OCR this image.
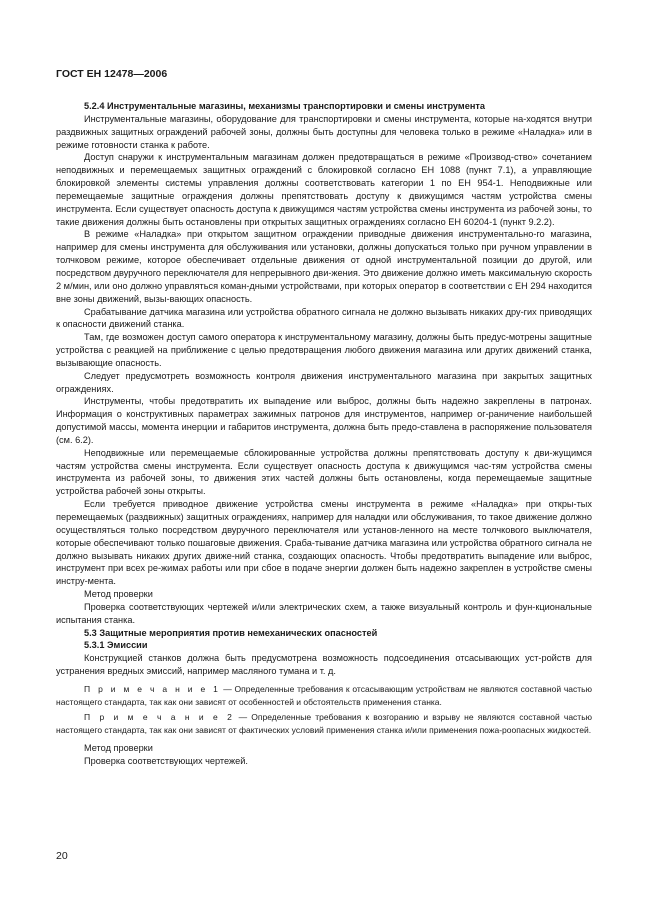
ГОСТ ЕН 12478—2006

5.2.4 Инструментальные магазины, механизмы транспортировки и смены инструмента

Инструментальные магазины, оборудование для транспортировки и смены инструмента, которые на-ходятся внутри раздвижных защитных ограждений рабочей зоны, должны быть доступны для человека только в режиме «Наладка» или в режиме готовности станка к работе.

Доступ снаружи к инструментальным магазинам должен предотвращаться в режиме «Производ-ство» сочетанием неподвижных и перемещаемых защитных ограждений с блокировкой согласно ЕН 1088 (пункт 7.1), а управляющие блокировкой элементы системы управления должны соответствовать категории 1 по ЕН 954-1. Неподвижные или перемещаемые защитные ограждения должны препятствовать доступу к движущимся частям устройства смены инструмента. Если существует опасность доступа к движущимся частям устройства смены инструмента из рабочей зоны, то такие движения должны быть остановлены при открытых защитных ограждениях согласно ЕН 60204-1 (пункт 9.2.2).

В режиме «Наладка» при открытом защитном ограждении приводные движения инструментально-го магазина, например для смены инструмента для обслуживания или установки, должны допускаться только при ручном управлении в толчковом режиме, которое обеспечивает отдельные движения от одной инструментальной позиции до другой, или посредством двуручного переключателя для непрерывного дви-жения. Это движение должно иметь максимальную скорость 2 м/мин, или оно должно управляться коман-дными устройствами, при которых оператор в соответствии с ЕН 294 находится вне зоны движений, вызы-вающих опасность.

Срабатывание датчика магазина или устройства обратного сигнала не должно вызывать никаких дру-гих приводящих к опасности движений станка.

Там, где возможен доступ самого оператора к инструментальному магазину, должны быть предус-мотрены защитные устройства с реакцией на приближение с целью предотвращения любого движения магазина или других движений станка, вызывающие опасность.

Следует предусмотреть возможность контроля движения инструментального магазина при закрытых защитных ограждениях.

Инструменты, чтобы предотвратить их выпадение или выброс, должны быть надежно закреплены в патронах. Информация о конструктивных параметрах зажимных патронов для инструментов, например ог-раничение наибольшей допустимой массы, момента инерции и габаритов инструмента, должна быть предо-ставлена в распоряжение пользователя (см. 6.2).

Неподвижные или перемещаемые сблокированные устройства должны препятствовать доступу к дви-жущимся частям устройства смены инструмента. Если существует опасность доступа к движущимся час-тям устройства смены инструмента из рабочей зоны, то движения этих частей должны быть остановлены, когда перемещаемые защитные устройства рабочей зоны открыты.

Если требуется приводное движение устройства смены инструмента в режиме «Наладка» при откры-тых перемещаемых (раздвижных) защитных ограждениях, например для наладки или обслуживания, то такое движение должно осуществляться только посредством двуручного переключателя или установ-ленного на месте толчкового выключателя, которые обеспечивают только пошаговые движения. Сраба-тывание датчика магазина или устройства обратного сигнала не должно вызывать никаких других движе-ний станка, создающих опасность. Чтобы предотвратить выпадение или выброс, инструмент при всех ре-жимах работы или при сбое в подаче энергии должен быть надежно закреплен в устройстве смены инстру-мента.

Метод проверки

Проверка соответствующих чертежей и/или электрических схем, а также визуальный контроль и фун-кциональные испытания станка.

5.3 Защитные мероприятия против немеханических опасностей

5.3.1 Эмиссии

Конструкцией станков должна быть предусмотрена возможность подсоединения отсасывающих уст-ройств для устранения вредных эмиссий, например масляного тумана и т. д.

П р и м е ч а н и е 1 — Определенные требования к отсасывающим устройствам не являются составной частью настоящего стандарта, так как они зависят от особенностей и обстоятельств применения станка.

П р и м е ч а н и е 2 — Определенные требования к возгоранию и взрыву не являются составной частью настоящего стандарта, так как они зависят от фактических условий применения станка и/или применения пожа-роопасных жидкостей.

Метод проверки

Проверка соответствующих чертежей.

20
